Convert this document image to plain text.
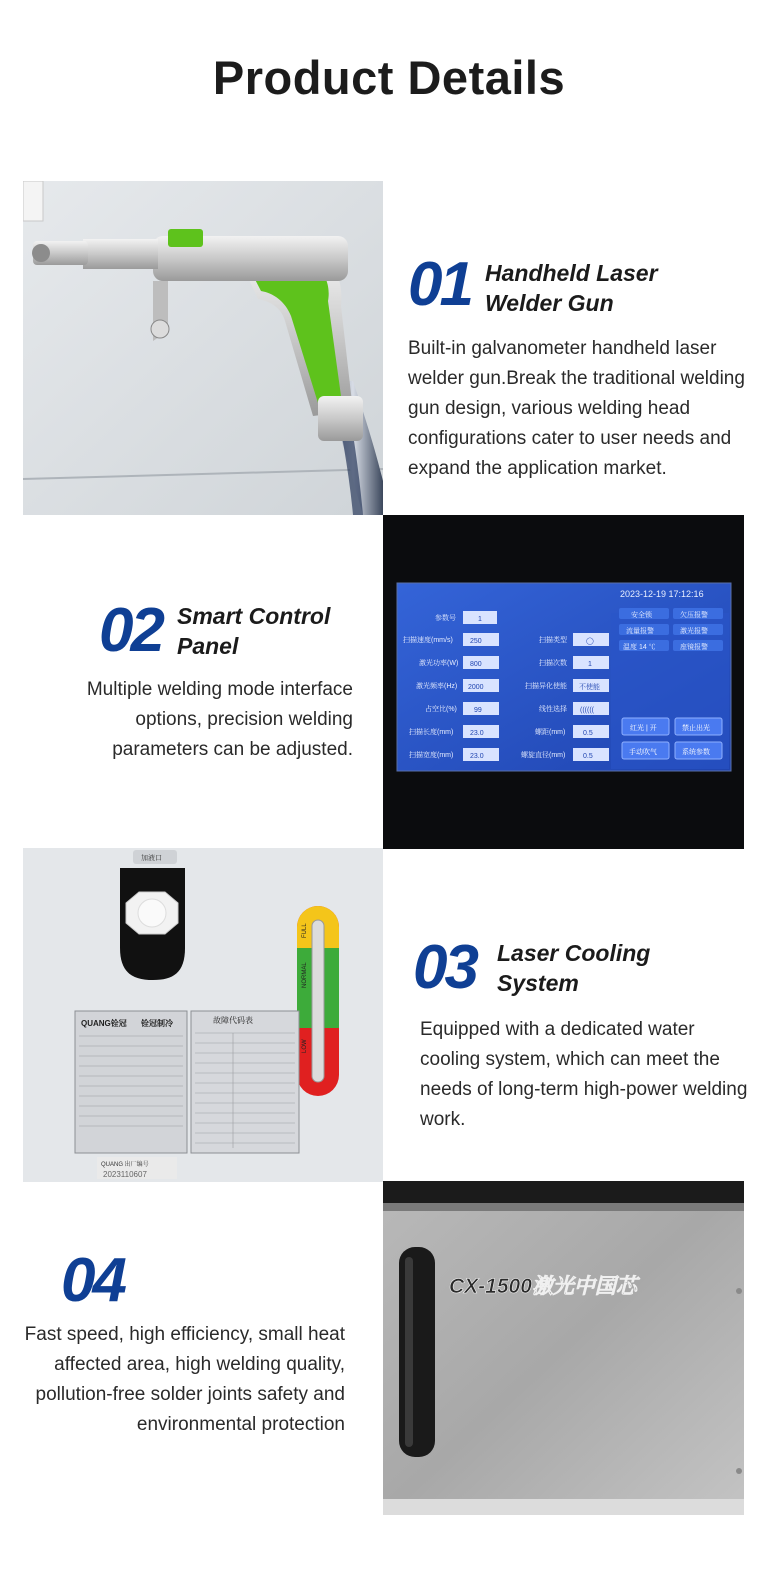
Product Details
01 Handheld Laser
Welder Gun
Built-in galvanometer handheld laser welder gun.Break the traditional welding gun design, various welding head configurations cater to user needs and expand the application market.
2023-12-19 17:12:16
参数号	1
扫描速度(mm/s) 250	扫描类型	◯
激光功率(W) 800	扫描次数	1
激光频率(Hz) 2000	扫描异化使能 不使能
占空比(%) 99	线性选择 ((((((
扫描长度(mm) 23.0	螺距(mm)	0.5
扫描宽度(mm) 23.0	螺旋直径(mm)	0.5
安全锁	欠压报警
流量报警	激光报警
温度 14 ℃	座镜报警
红光 | 开	禁止出光
手动吹气	系统参数
02 Smart Control
Panel
Multiple welding mode interface options, precision welding parameters can be adjusted.
加液口
FULL
NORMAL
LOW
QUANG铨冠 铨冠制冷	故障代码表
QUANG 出厂编号
2023110607
03 Laser Cooling
System
Equipped with a dedicated water cooling system, which can meet the needs of long-term high-power welding work.
CX-1500激光中国芯
04
Fast speed, high efficiency, small heat affected area, high welding quality, pollution-free solder joints safety and environmental protection
